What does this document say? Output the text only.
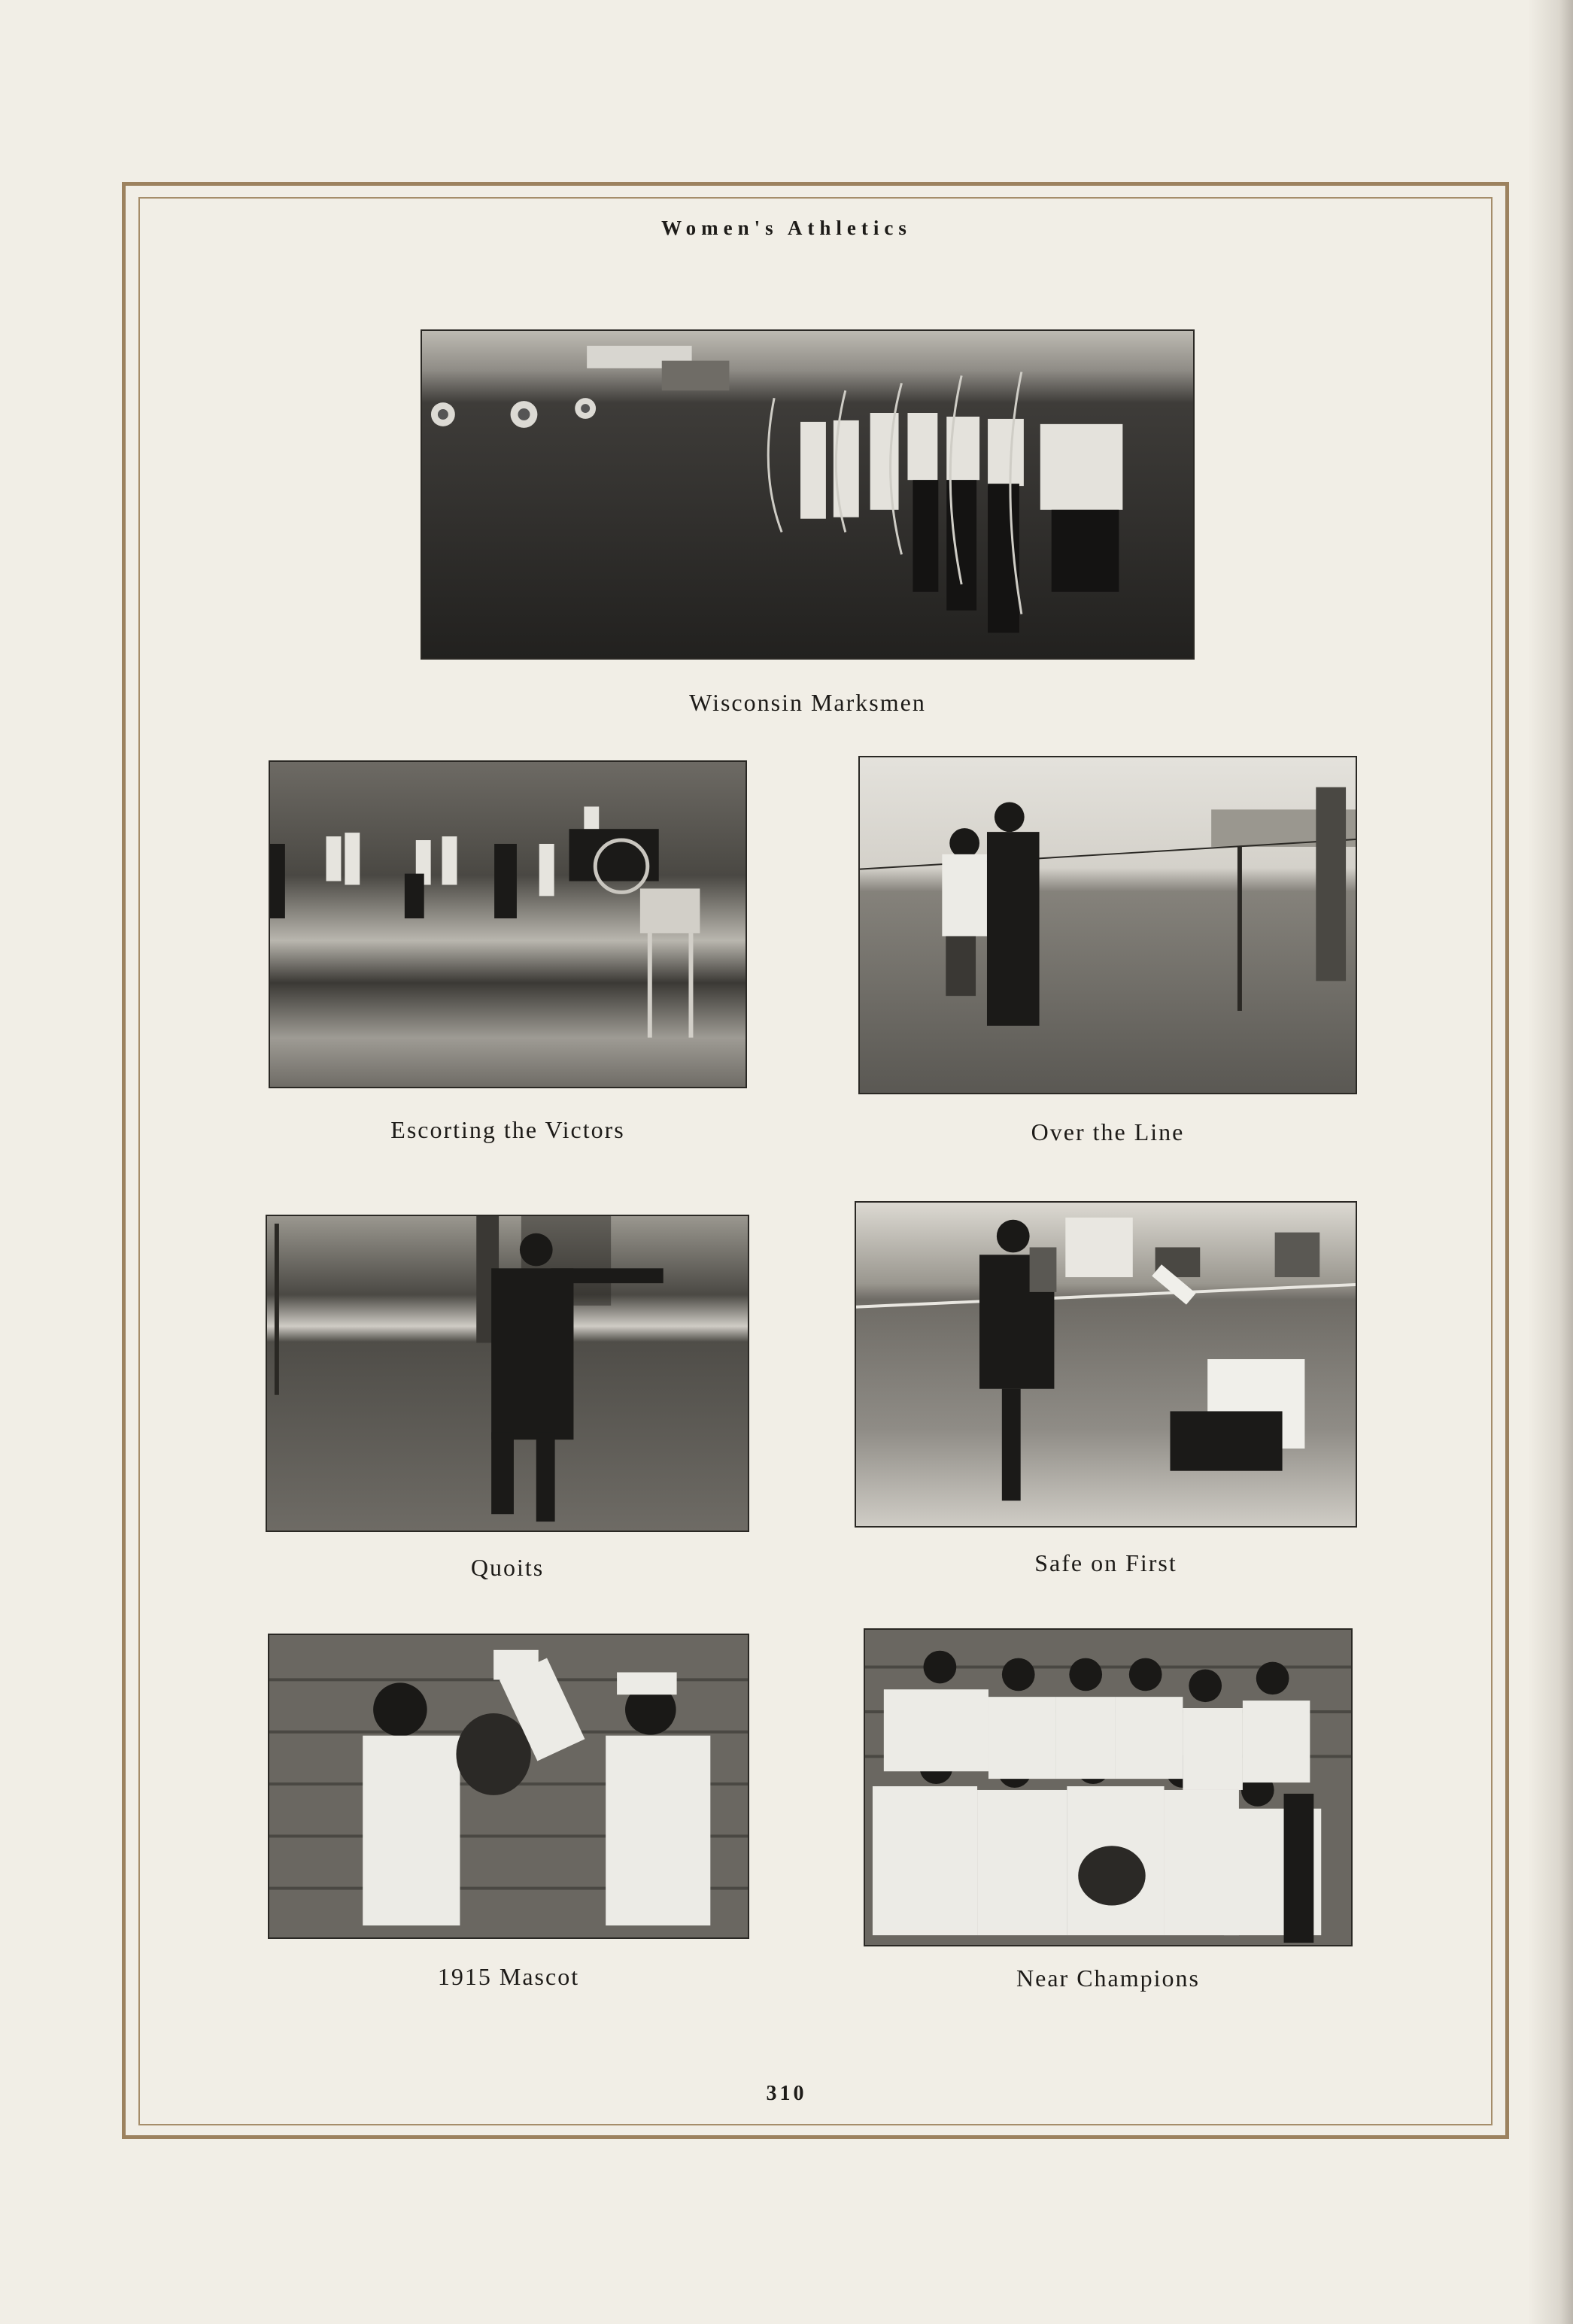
Women's Athletics
Wisconsin Marksmen
Escorting the Victors	Over the Line
Quoits	Safe on First
1915 Mascot	Near Champions
310
